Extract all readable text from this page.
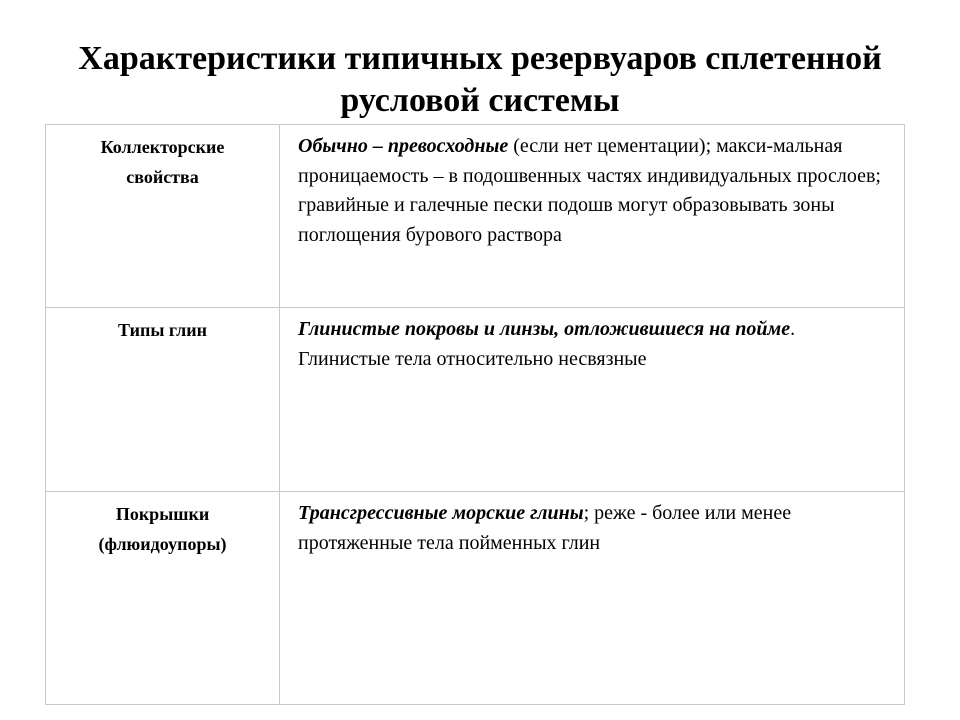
Характеристики типичных резервуаров сплетенной
русловой системы
Коллекторские
свойства	Обычно – превосходные (если нет цементации); макси-мальная проницаемость – в подошвенных частях индивидуальных прослоев; гравийные и галечные пески подошв могут образовывать зоны поглощения бурового раствора

Типы глин	Глинистые покровы и линзы, отложившиеся на пойме. Глинистые тела относительно несвязные

Покрышки
(флюидоупоры)	Трансгрессивные морские глины; реже - более или менее протяженные тела пойменных глин
